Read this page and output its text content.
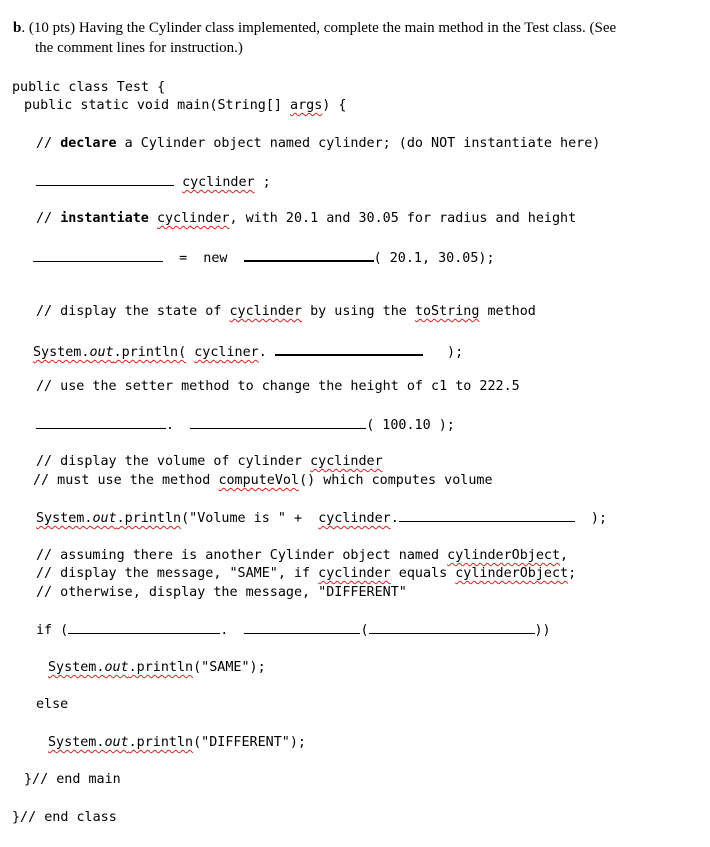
b. (10 pts) Having the Cylinder class implemented, complete the main method in the Test class. (See
the comment lines for instruction.)

public class Test {

public static void main(String[] args) {

// declare a Cylinder object named cylinder; (do NOT instantiate here)

cyclinder ;

// instantiate cyclinder, with 20.1 and 30.05 for radius and height

=  new	( 20.1, 30.05);

// display the state of cyclinder by using the toString method

System.out.println( cycliner.	);

// use the setter method to change the height of c1 to 222.5

.	( 100.10 );

// display the volume of cylinder cyclinder

// must use the method computeVol() which computes volume

System.out.println("Volume is " +  cyclinder.	);

// assuming there is another Cylinder object named cylinderObject,

// display the message, "SAME", if cyclinder equals cylinderObject;

// otherwise, display the message, "DIFFERENT"

if (	.	(	))

System.out.println("SAME");

else

System.out.println("DIFFERENT");

}// end main

}// end class
